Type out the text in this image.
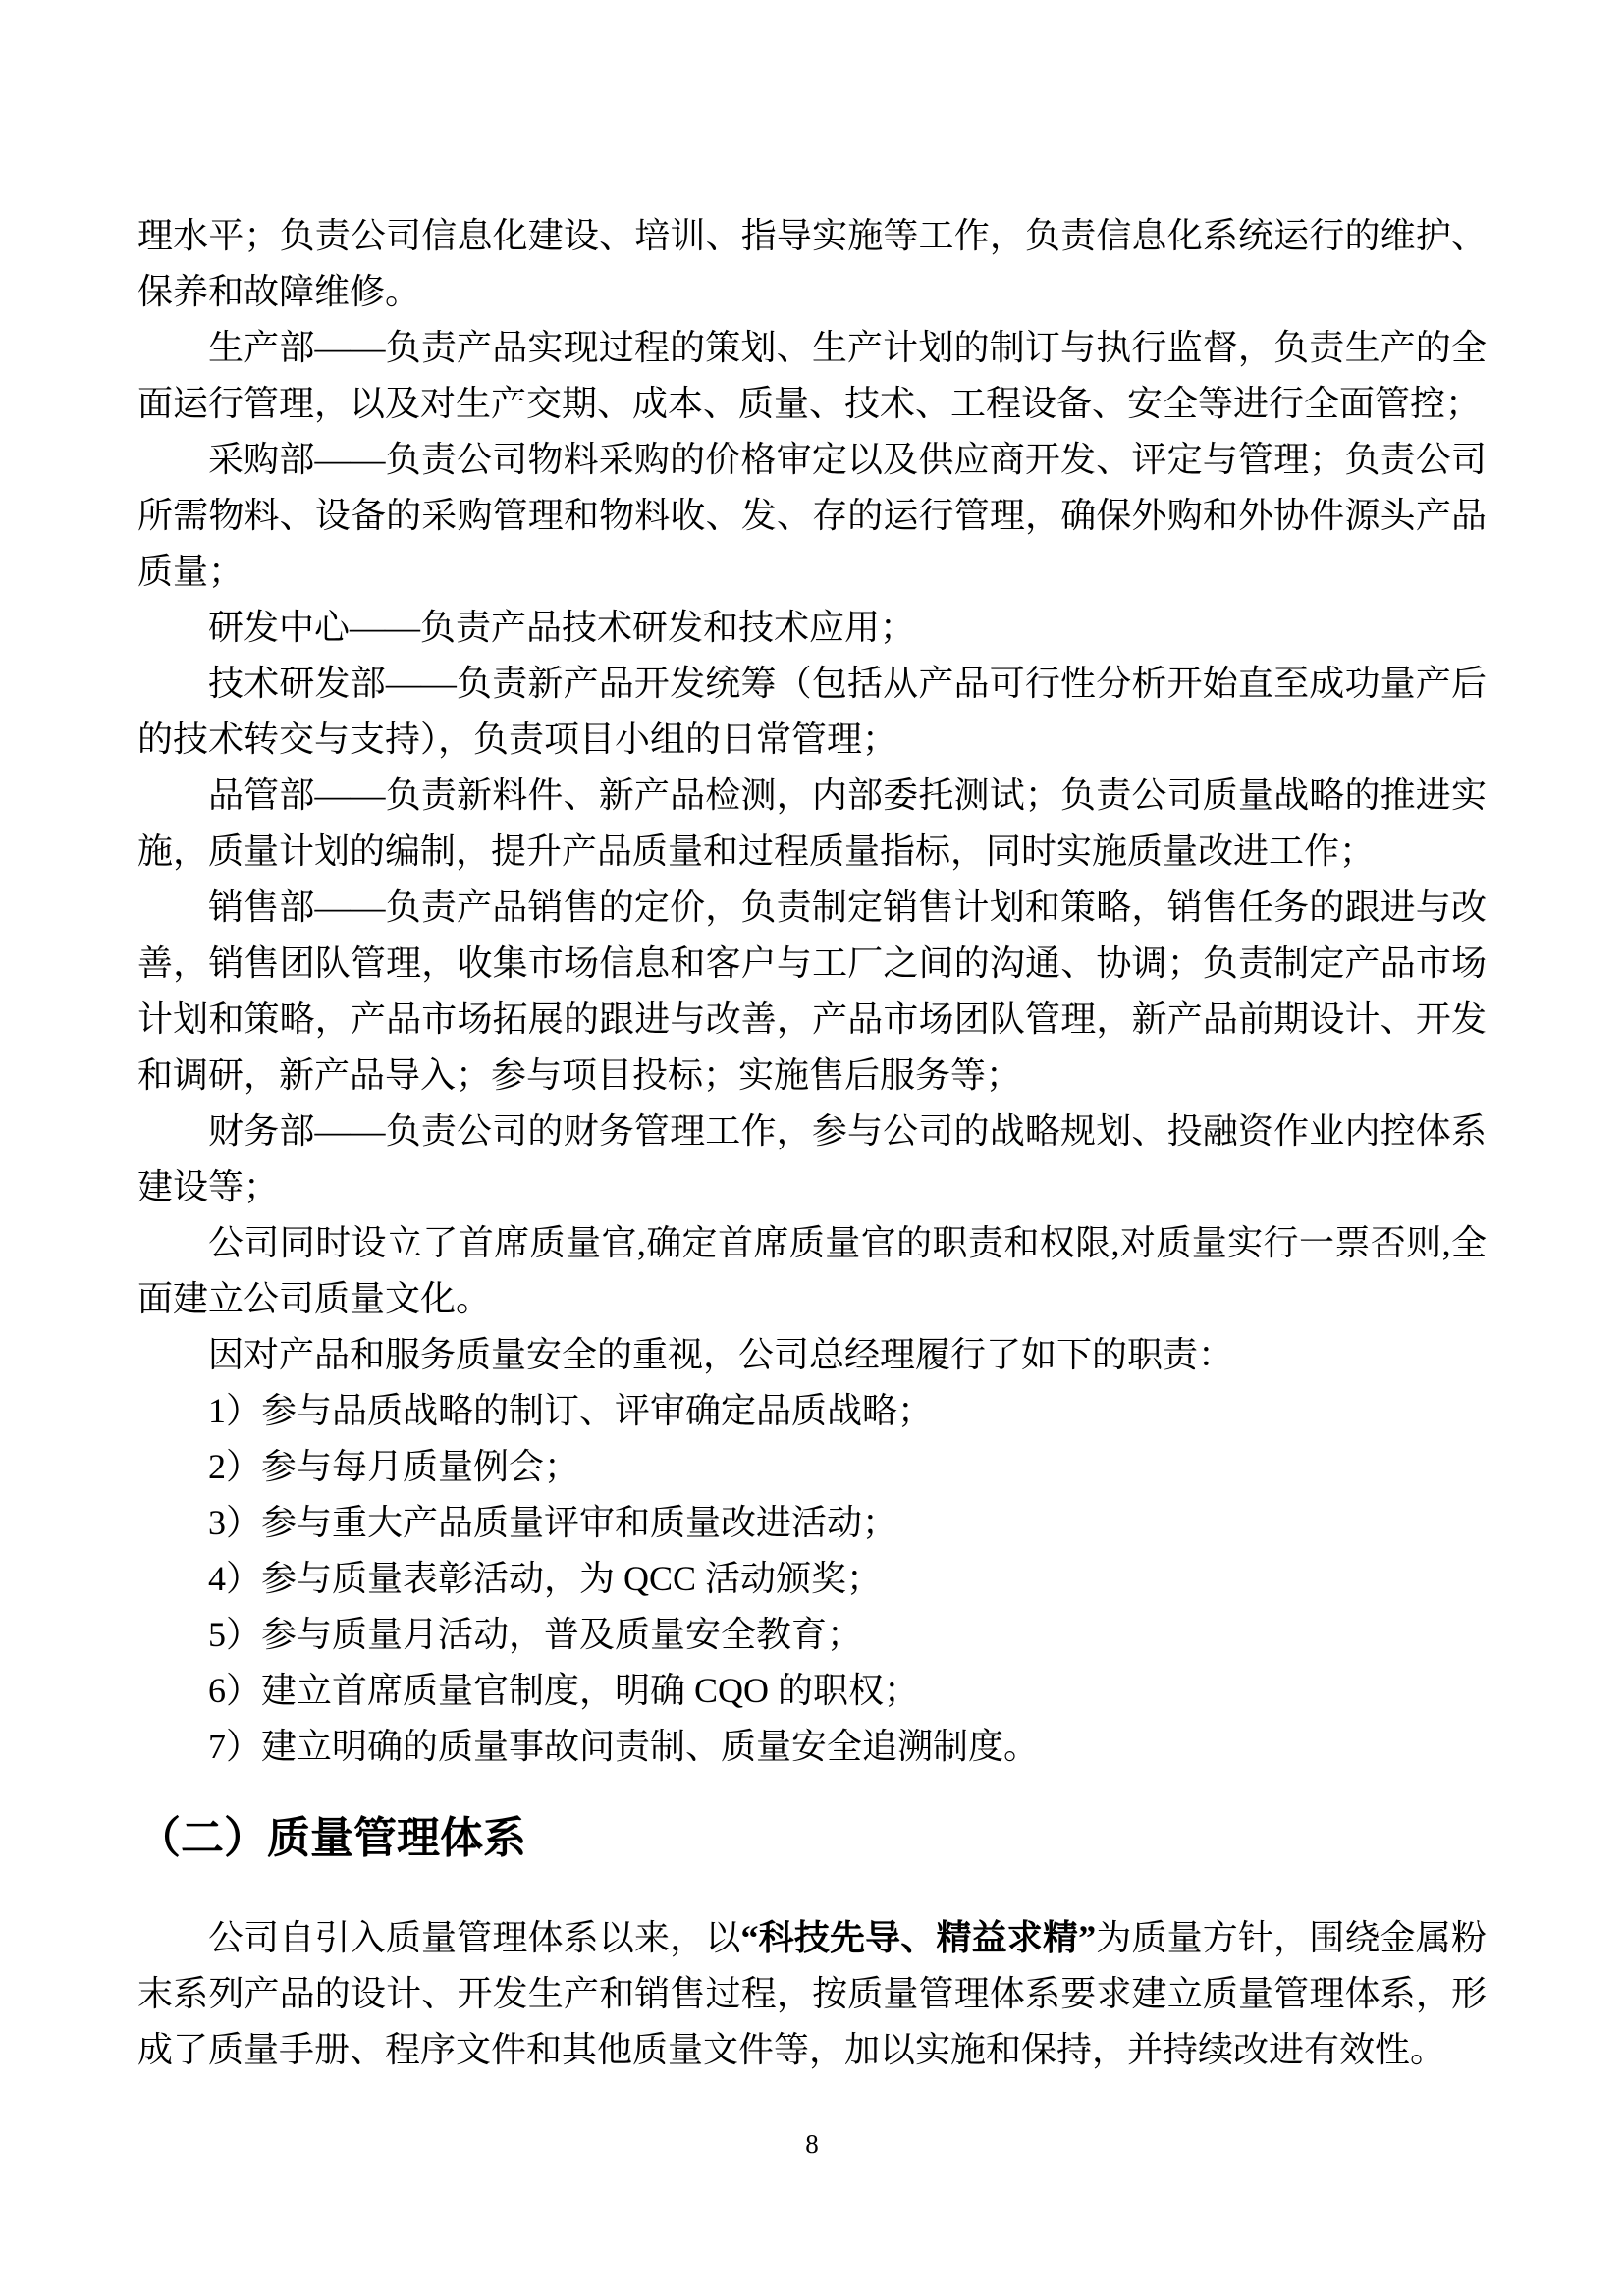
理水平；负责公司信息化建设、培训、指导实施等工作，负责信息化系统运行的维护、保养和故障维修。

生产部——负责产品实现过程的策划、生产计划的制订与执行监督，负责生产的全面运行管理，以及对生产交期、成本、质量、技术、工程设备、安全等进行全面管控；

采购部——负责公司物料采购的价格审定以及供应商开发、评定与管理；负责公司所需物料、设备的采购管理和物料收、发、存的运行管理，确保外购和外协件源头产品质量；

研发中心——负责产品技术研发和技术应用；

技术研发部——负责新产品开发统筹（包括从产品可行性分析开始直至成功量产后的技术转交与支持），负责项目小组的日常管理；

品管部——负责新料件、新产品检测，内部委托测试；负责公司质量战略的推进实施，质量计划的编制，提升产品质量和过程质量指标，同时实施质量改进工作；

销售部——负责产品销售的定价，负责制定销售计划和策略，销售任务的跟进与改善，销售团队管理，收集市场信息和客户与工厂之间的沟通、协调；负责制定产品市场计划和策略，产品市场拓展的跟进与改善，产品市场团队管理，新产品前期设计、开发和调研，新产品导入；参与项目投标；实施售后服务等；

财务部——负责公司的财务管理工作，参与公司的战略规划、投融资作业内控体系建设等；

公司同时设立了首席质量官,确定首席质量官的职责和权限,对质量实行一票否则,全面建立公司质量文化。

因对产品和服务质量安全的重视，公司总经理履行了如下的职责：

1）参与品质战略的制订、评审确定品质战略；

2）参与每月质量例会；

3）参与重大产品质量评审和质量改进活动；

4）参与质量表彰活动，为 QCC 活动颁奖；

5）参与质量月活动，普及质量安全教育；

6）建立首席质量官制度，明确 CQO 的职权；

7）建立明确的质量事故问责制、质量安全追溯制度。

（二）质量管理体系

公司自引入质量管理体系以来，以“科技先导、精益求精”为质量方针，围绕金属粉末系列产品的设计、开发生产和销售过程，按质量管理体系要求建立质量管理体系，形成了质量手册、程序文件和其他质量文件等，加以实施和保持，并持续改进有效性。

8
